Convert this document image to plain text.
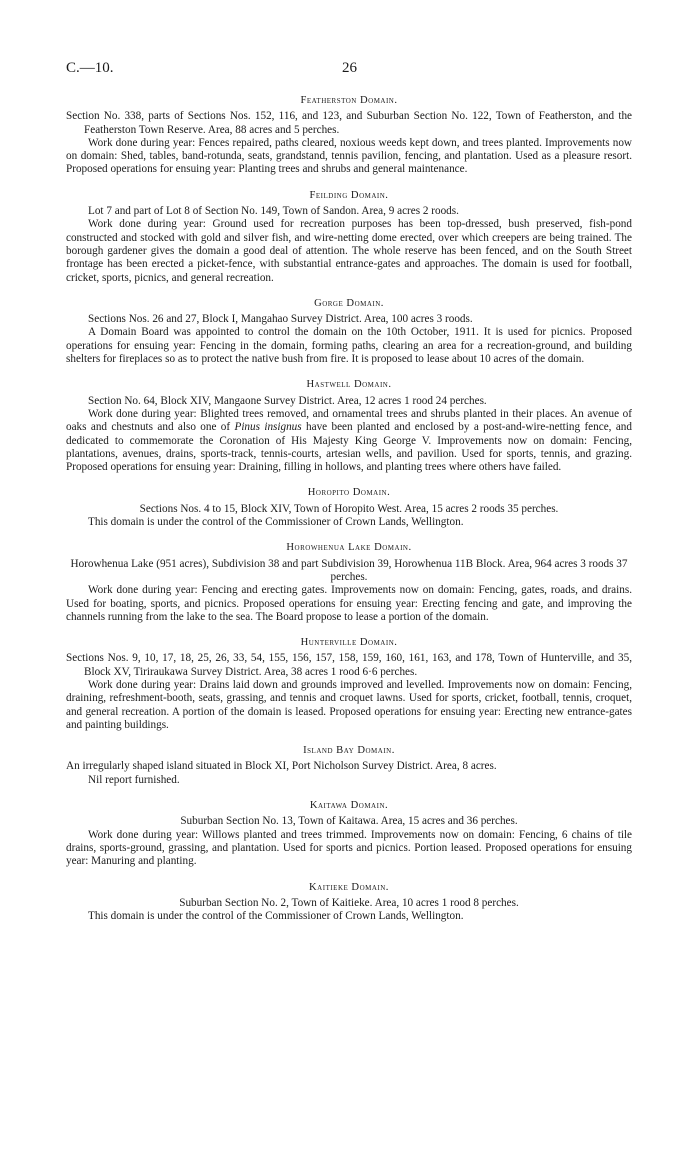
C.—10.	26
Featherston Domain.
Section No. 338, parts of Sections Nos. 152, 116, and 123, and Suburban Section No. 122, Town of Featherston, and the Featherston Town Reserve. Area, 88 acres and 5 perches.

Work done during year: Fences repaired, paths cleared, noxious weeds kept down, and trees planted. Improvements now on domain: Shed, tables, band-rotunda, seats, grandstand, tennis pavilion, fencing, and plantation. Used as a pleasure resort. Proposed operations for ensuing year: Planting trees and shrubs and general maintenance.

Feilding Domain.
Lot 7 and part of Lot 8 of Section No. 149, Town of Sandon. Area, 9 acres 2 roods.

Work done during year: Ground used for recreation purposes has been top-dressed, bush preserved, fish-pond constructed and stocked with gold and silver fish, and wire-netting dome erected, over which creepers are being trained. The borough gardener gives the domain a good deal of attention. The whole reserve has been fenced, and on the South Street frontage has been erected a picket-fence, with substantial entrance-gates and approaches. The domain is used for football, cricket, sports, picnics, and general recreation.

Gorge Domain.
Sections Nos. 26 and 27, Block I, Mangahao Survey District. Area, 100 acres 3 roods.

A Domain Board was appointed to control the domain on the 10th October, 1911. It is used for picnics. Proposed operations for ensuing year: Fencing in the domain, forming paths, clearing an area for a recreation-ground, and building shelters for fireplaces so as to protect the native bush from fire. It is proposed to lease about 10 acres of the domain.

Hastwell Domain.
Section No. 64, Block XIV, Mangaone Survey District. Area, 12 acres 1 rood 24 perches.

Work done during year: Blighted trees removed, and ornamental trees and shrubs planted in their places. An avenue of oaks and chestnuts and also one of Pinus insignus have been planted and enclosed by a post-and-wire-netting fence, and dedicated to commemorate the Coronation of His Majesty King George V. Improvements now on domain: Fencing, plantations, avenues, drains, sports-track, tennis-courts, artesian wells, and pavilion. Used for sports, tennis, and grazing. Proposed operations for ensuing year: Draining, filling in hollows, and planting trees where others have failed.

Horopito Domain.
Sections Nos. 4 to 15, Block XIV, Town of Horopito West. Area, 15 acres 2 roods 35 perches.

This domain is under the control of the Commissioner of Crown Lands, Wellington.

Horowhenua Lake Domain.
Horowhenua Lake (951 acres), Subdivision 38 and part Subdivision 39, Horowhenua 11B Block. Area, 964 acres 3 roods 37 perches.

Work done during year: Fencing and erecting gates. Improvements now on domain: Fencing, gates, roads, and drains. Used for boating, sports, and picnics. Proposed operations for ensuing year: Erecting fencing and gate, and improving the channels running from the lake to the sea. The Board propose to lease a portion of the domain.

Hunterville Domain.
Sections Nos. 9, 10, 17, 18, 25, 26, 33, 54, 155, 156, 157, 158, 159, 160, 161, 163, and 178, Town of Hunterville, and 35, Block XV, Tiriraukawa Survey District. Area, 38 acres 1 rood 6·6 perches.

Work done during year: Drains laid down and grounds improved and levelled. Improvements now on domain: Fencing, draining, refreshment-booth, seats, grassing, and tennis and croquet lawns. Used for sports, cricket, football, tennis, croquet, and general recreation. A portion of the domain is leased. Proposed operations for ensuing year: Erecting new entrance-gates and painting buildings.

Island Bay Domain.
An irregularly shaped island situated in Block XI, Port Nicholson Survey District. Area, 8 acres.

Nil report furnished.

Kaitawa Domain.
Suburban Section No. 13, Town of Kaitawa. Area, 15 acres and 36 perches.

Work done during year: Willows planted and trees trimmed. Improvements now on domain: Fencing, 6 chains of tile drains, sports-ground, grassing, and plantation. Used for sports and picnics. Portion leased. Proposed operations for ensuing year: Manuring and planting.

Kaitieke Domain.
Suburban Section No. 2, Town of Kaitieke. Area, 10 acres 1 rood 8 perches.

This domain is under the control of the Commissioner of Crown Lands, Wellington.
